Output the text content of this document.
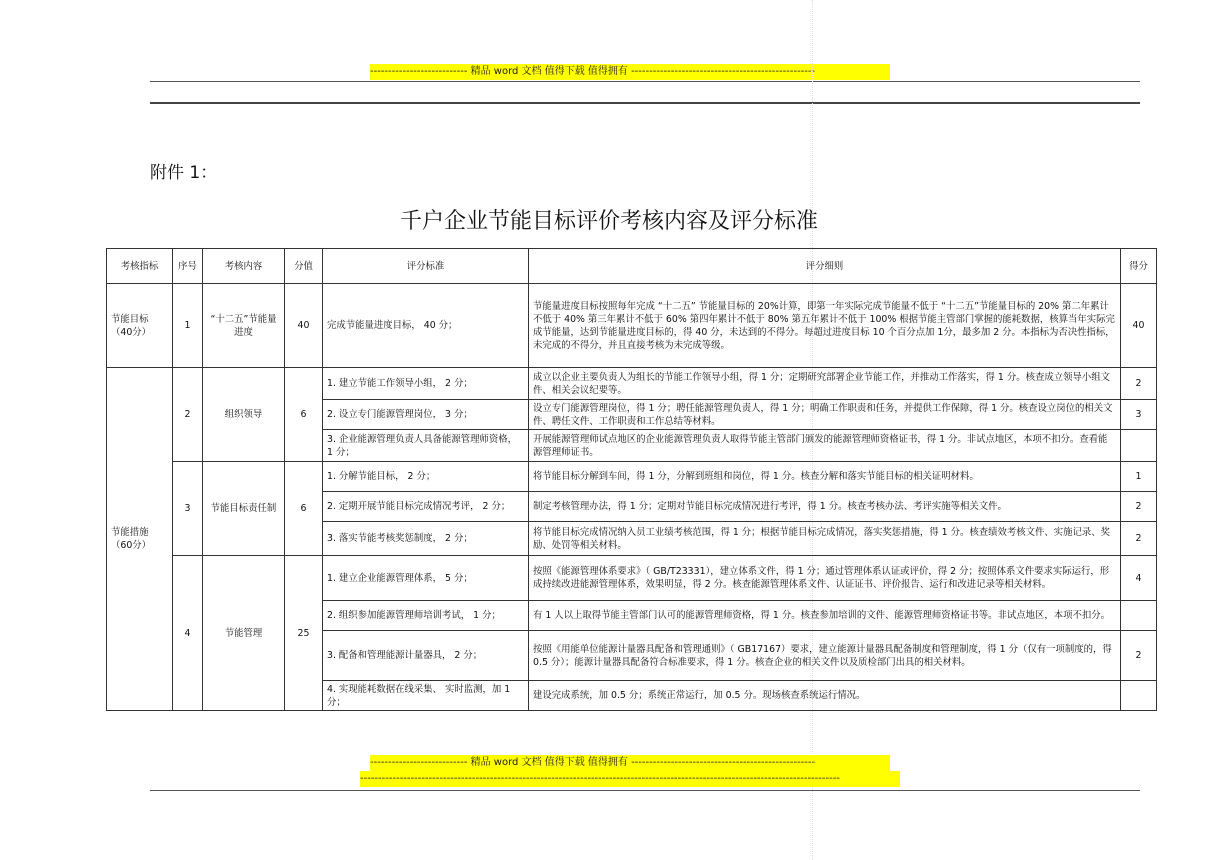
--------------------------- 精品 word 文档 值得下载 值得拥有 ---------------------------------------------------
附件 1：
千户企业节能目标评价考核内容及评分标准
考核指标	序号	考核内容	分值	评分标准	评分细则	得分
节能目标（40分）	1	“十二五”节能量进度	40	完成节能量进度目标， 40 分；	节能量进度目标按照每年完成 “十二五” 节能量目标的 20%计算，即第一年实际完成节能量不低于 “十二五”节能量目标的 20% 第二年累计不低于 40% 第三年累计不低于 60% 第四年累计不低于 80% 第五年累计不低于 100% 根据节能主管部门掌握的能耗数据，核算当年实际完成节能量，达到节能量进度目标的，得 40 分，未达到的不得分。每超过进度目标 10 个百分点加 1分，最多加 2 分。本指标为否决性指标，未完成的不得分，并且直接考核为未完成等级。	40
节能措施（60分）	2	组织领导	6	1. 建立节能工作领导小组， 2 分；	成立以企业主要负责人为组长的节能工作领导小组，得 1 分；定期研究部署企业节能工作，并推动工作落实，得 1 分。核查成立领导小组文件、相关会议纪要等。	2
				2. 设立专门能源管理岗位， 3 分；	设立专门能源管理岗位，得 1 分；聘任能源管理负责人，得 1 分；明确工作职责和任务，并提供工作保障，得 1 分。核查设立岗位的相关文件、聘任文件、工作职责和工作总结等材料。	3
				3. 企业能源管理负责人具备能源管理师资格， 1 分；	开展能源管理师试点地区的企业能源管理负责人取得节能主管部门颁发的能源管理师资格证书，得 1 分。非试点地区，本项不扣分。查看能源管理师证书。	
	3	节能目标责任制	6	1. 分解节能目标， 2 分；	将节能目标分解到车间，得 1 分，分解到班组和岗位，得 1 分。核查分解和落实节能目标的相关证明材料。	1
				2. 定期开展节能目标完成情况考评， 2 分；	制定考核管理办法，得 1 分；定期对节能目标完成情况进行考评，得 1 分。核查考核办法、考评实施等相关文件。	2
				3. 落实节能考核奖惩制度， 2 分；	将节能目标完成情况纳入员工业绩考核范围，得 1 分；根据节能目标完成情况，落实奖惩措施，得 1 分。核查绩效考核文件、实施记录、奖励、处罚等相关材料。	2
	4	节能管理	25	1. 建立企业能源管理体系， 5 分；	按照《能源管理体系要求》（ GB/T23331），建立体系文件，得 1 分；通过管理体系认证或评价，得 2 分；按照体系文件要求实际运行，形成持续改进能源管理体系，效果明显，得 2 分。核查能源管理体系文件、认证证书、评价报告、运行和改进记录等相关材料。	4
				2. 组织参加能源管理师培训考试， 1 分；	有 1 人以上取得节能主管部门认可的能源管理师资格，得 1 分。核查参加培训的文件、能源管理师资格证书等。非试点地区，本项不扣分。	
				3. 配备和管理能源计量器具， 2 分；	按照《用能单位能源计量器具配备和管理通则》（ GB17167）要求，建立能源计量器具配备制度和管理制度，得 1 分（仅有一项制度的，得 0.5 分）；能源计量器具配备符合标准要求，得 1 分。核查企业的相关文件以及质检部门出具的相关材料。	2
				4. 实现能耗数据在线采集、 实时监测，加 1 分；	建设完成系统，加 0.5 分；系统正常运行，加 0.5 分。现场核查系统运行情况。	
--------------------------- 精品 word 文档 值得下载 值得拥有 ---------------------------------------------------
-------------------------------------------------------------------------------------------------------------------------------------
